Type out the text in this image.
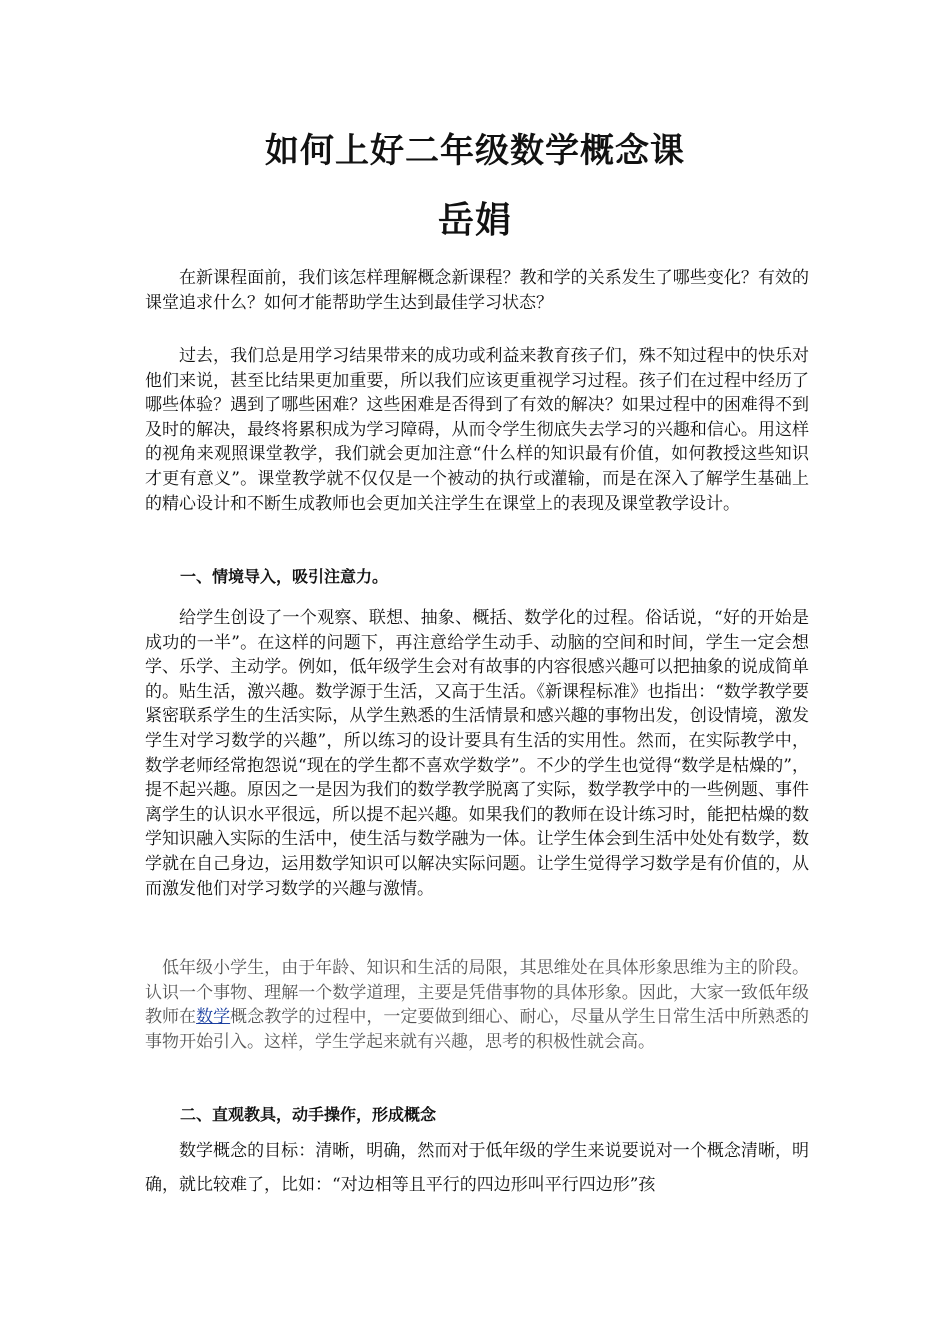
如何上好二年级数学概念课
岳娟

在新课程面前，我们该怎样理解概念新课程？教和学的关系发生了哪些变化？有效的课堂追求什么？如何才能帮助学生达到最佳学习状态？

过去，我们总是用学习结果带来的成功或利益来教育孩子们，殊不知过程中的快乐对他们来说，甚至比结果更加重要，所以我们应该更重视学习过程。孩子们在过程中经历了哪些体验？遇到了哪些困难？这些困难是否得到了有效的解决？如果过程中的困难得不到及时的解决，最终将累积成为学习障碍，从而令学生彻底失去学习的兴趣和信心。用这样的视角来观照课堂教学，我们就会更加注意“什么样的知识最有价值，如何教授这些知识才更有意义”。课堂教学就不仅仅是一个被动的执行或灌输，而是在深入了解学生基础上的精心设计和不断生成教师也会更加关注学生在课堂上的表现及课堂教学设计。

一、情境导入，吸引注意力。

给学生创设了一个观察、联想、抽象、概括、数学化的过程。俗话说，“好的开始是成功的一半”。在这样的问题下，再注意给学生动手、动脑的空间和时间，学生一定会想学、乐学、主动学。例如，低年级学生会对有故事的内容很感兴趣可以把抽象的说成简单的。贴生活，激兴趣。数学源于生活，又高于生活。《新课程标准》也指出：“数学教学要紧密联系学生的生活实际，从学生熟悉的生活情景和感兴趣的事物出发，创设情境，激发学生对学习数学的兴趣”，所以练习的设计要具有生活的实用性。然而，在实际教学中，数学老师经常抱怨说“现在的学生都不喜欢学数学”。不少的学生也觉得“数学是枯燥的”，提不起兴趣。原因之一是因为我们的数学教学脱离了实际，数学教学中的一些例题、事件离学生的认识水平很远，所以提不起兴趣。如果我们的教师在设计练习时，能把枯燥的数学知识融入实际的生活中，使生活与数学融为一体。让学生体会到生活中处处有数学，数学就在自己身边，运用数学知识可以解决实际问题。让学生觉得学习数学是有价值的，从而激发他们对学习数学的兴趣与激情。

低年级小学生，由于年龄、知识和生活的局限，其思维处在具体形象思维为主的阶段。认识一个事物、理解一个数学道理，主要是凭借事物的具体形象。因此，大家一致低年级教师在数学概念教学的过程中，一定要做到细心、耐心，尽量从学生日常生活中所熟悉的事物开始引入。这样，学生学起来就有兴趣，思考的积极性就会高。

二、直观教具，动手操作，形成概念

数学概念的目标：清晰，明确，然而对于低年级的学生来说要说对一个概念清晰，明确，就比较难了，比如：“对边相等且平行的四边形叫平行四边形”孩
